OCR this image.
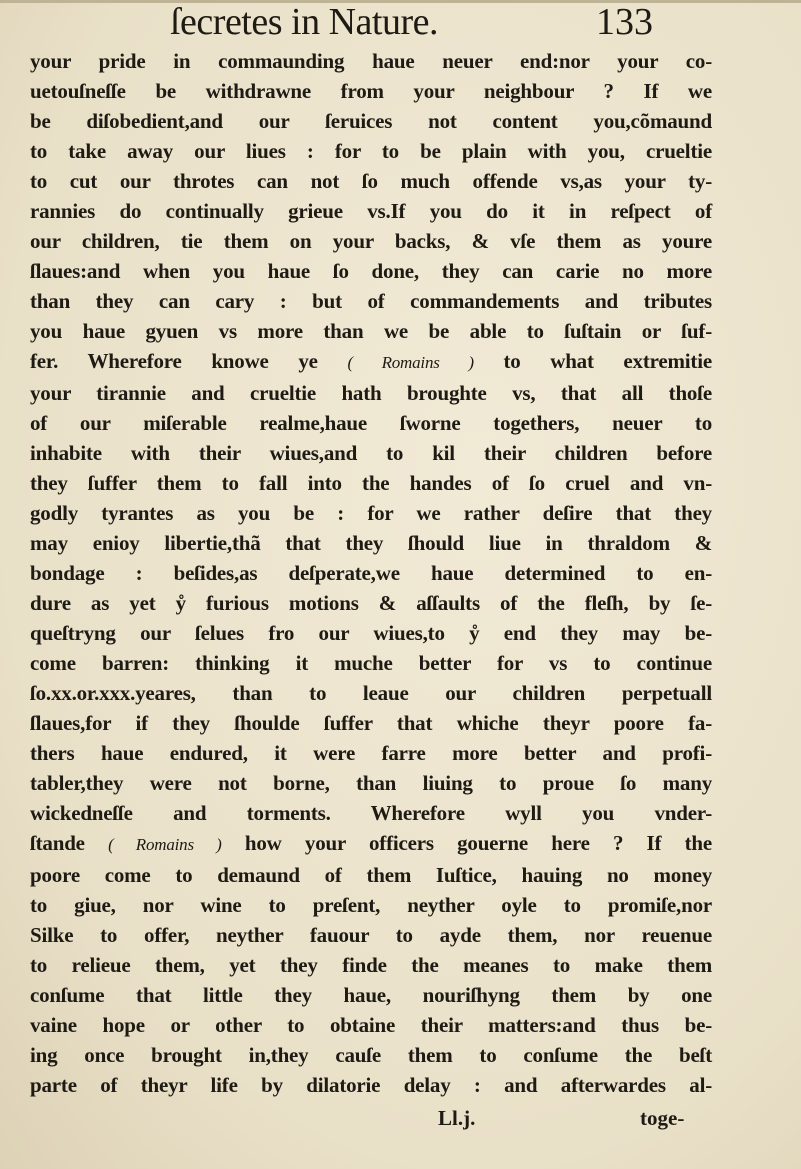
ſecretes in Nature.	133
your pride in commaunding haue neuer end:nor your co-
uetouſneſſe be withdrawne from your neighbour ? If we
be diſobedient,and our ſeruices not content you,cõmaund
to take away our liues : for to be plain with you, crueltie
to cut our throtes can not ſo much offende vs,as your ty-
rannies do continually grieue vs.If you do it in reſpect of
our children, tie them on your backs, & vſe them as youre
ſlaues:and when you haue ſo done, they can carie no more
than they can cary : but of commandements and tributes
you haue gyuen vs more than we be able to ſuſtain or ſuf-
fer. Wherefore knowe ye ( Romains ) to what extremitie
your tirannie and crueltie hath broughte vs, that all thoſe
of our miſerable realme,haue ſworne togethers, neuer to
inhabite with their wiues,and to kil their children before
they ſuffer them to fall into the handes of ſo cruel and vn-
godly tyrantes as you be : for we rather deſire that they
may enioy libertie,thã that they ſhould liue in thraldom &
bondage : beſides,as deſperate,we haue determined to en-
dure as yet ẙ furious motions & aſſaults of the fleſh, by ſe-
queſtryng our ſelues fro our wiues,to ẙ end they may be-
come barren: thinking it muche better for vs to continue
ſo.xx.or.xxx.yeares, than to leaue our children perpetuall
ſlaues,for if they ſhoulde ſuffer that whiche theyr poore fa-
thers haue endured, it were farre more better and profi-
tabler,they were not borne, than liuing to proue ſo many
wickedneſſe and torments. Wherefore wyll you vnder-
ſtande ( Romains ) how your officers gouerne here ? If the
poore come to demaund of them Iuſtice, hauing no money
to giue, nor wine to preſent, neyther oyle to promiſe,nor
Silke to offer, neyther fauour to ayde them, nor reuenue
to relieue them, yet they finde the meanes to make them
conſume that little they haue, nouriſhyng them by one
vaine hope or other to obtaine their matters:and thus be-
ing once brought in,they cauſe them to conſume the beſt
parte of theyr life by dilatorie delay : and afterwardes al-
Ll.j.	toge-
